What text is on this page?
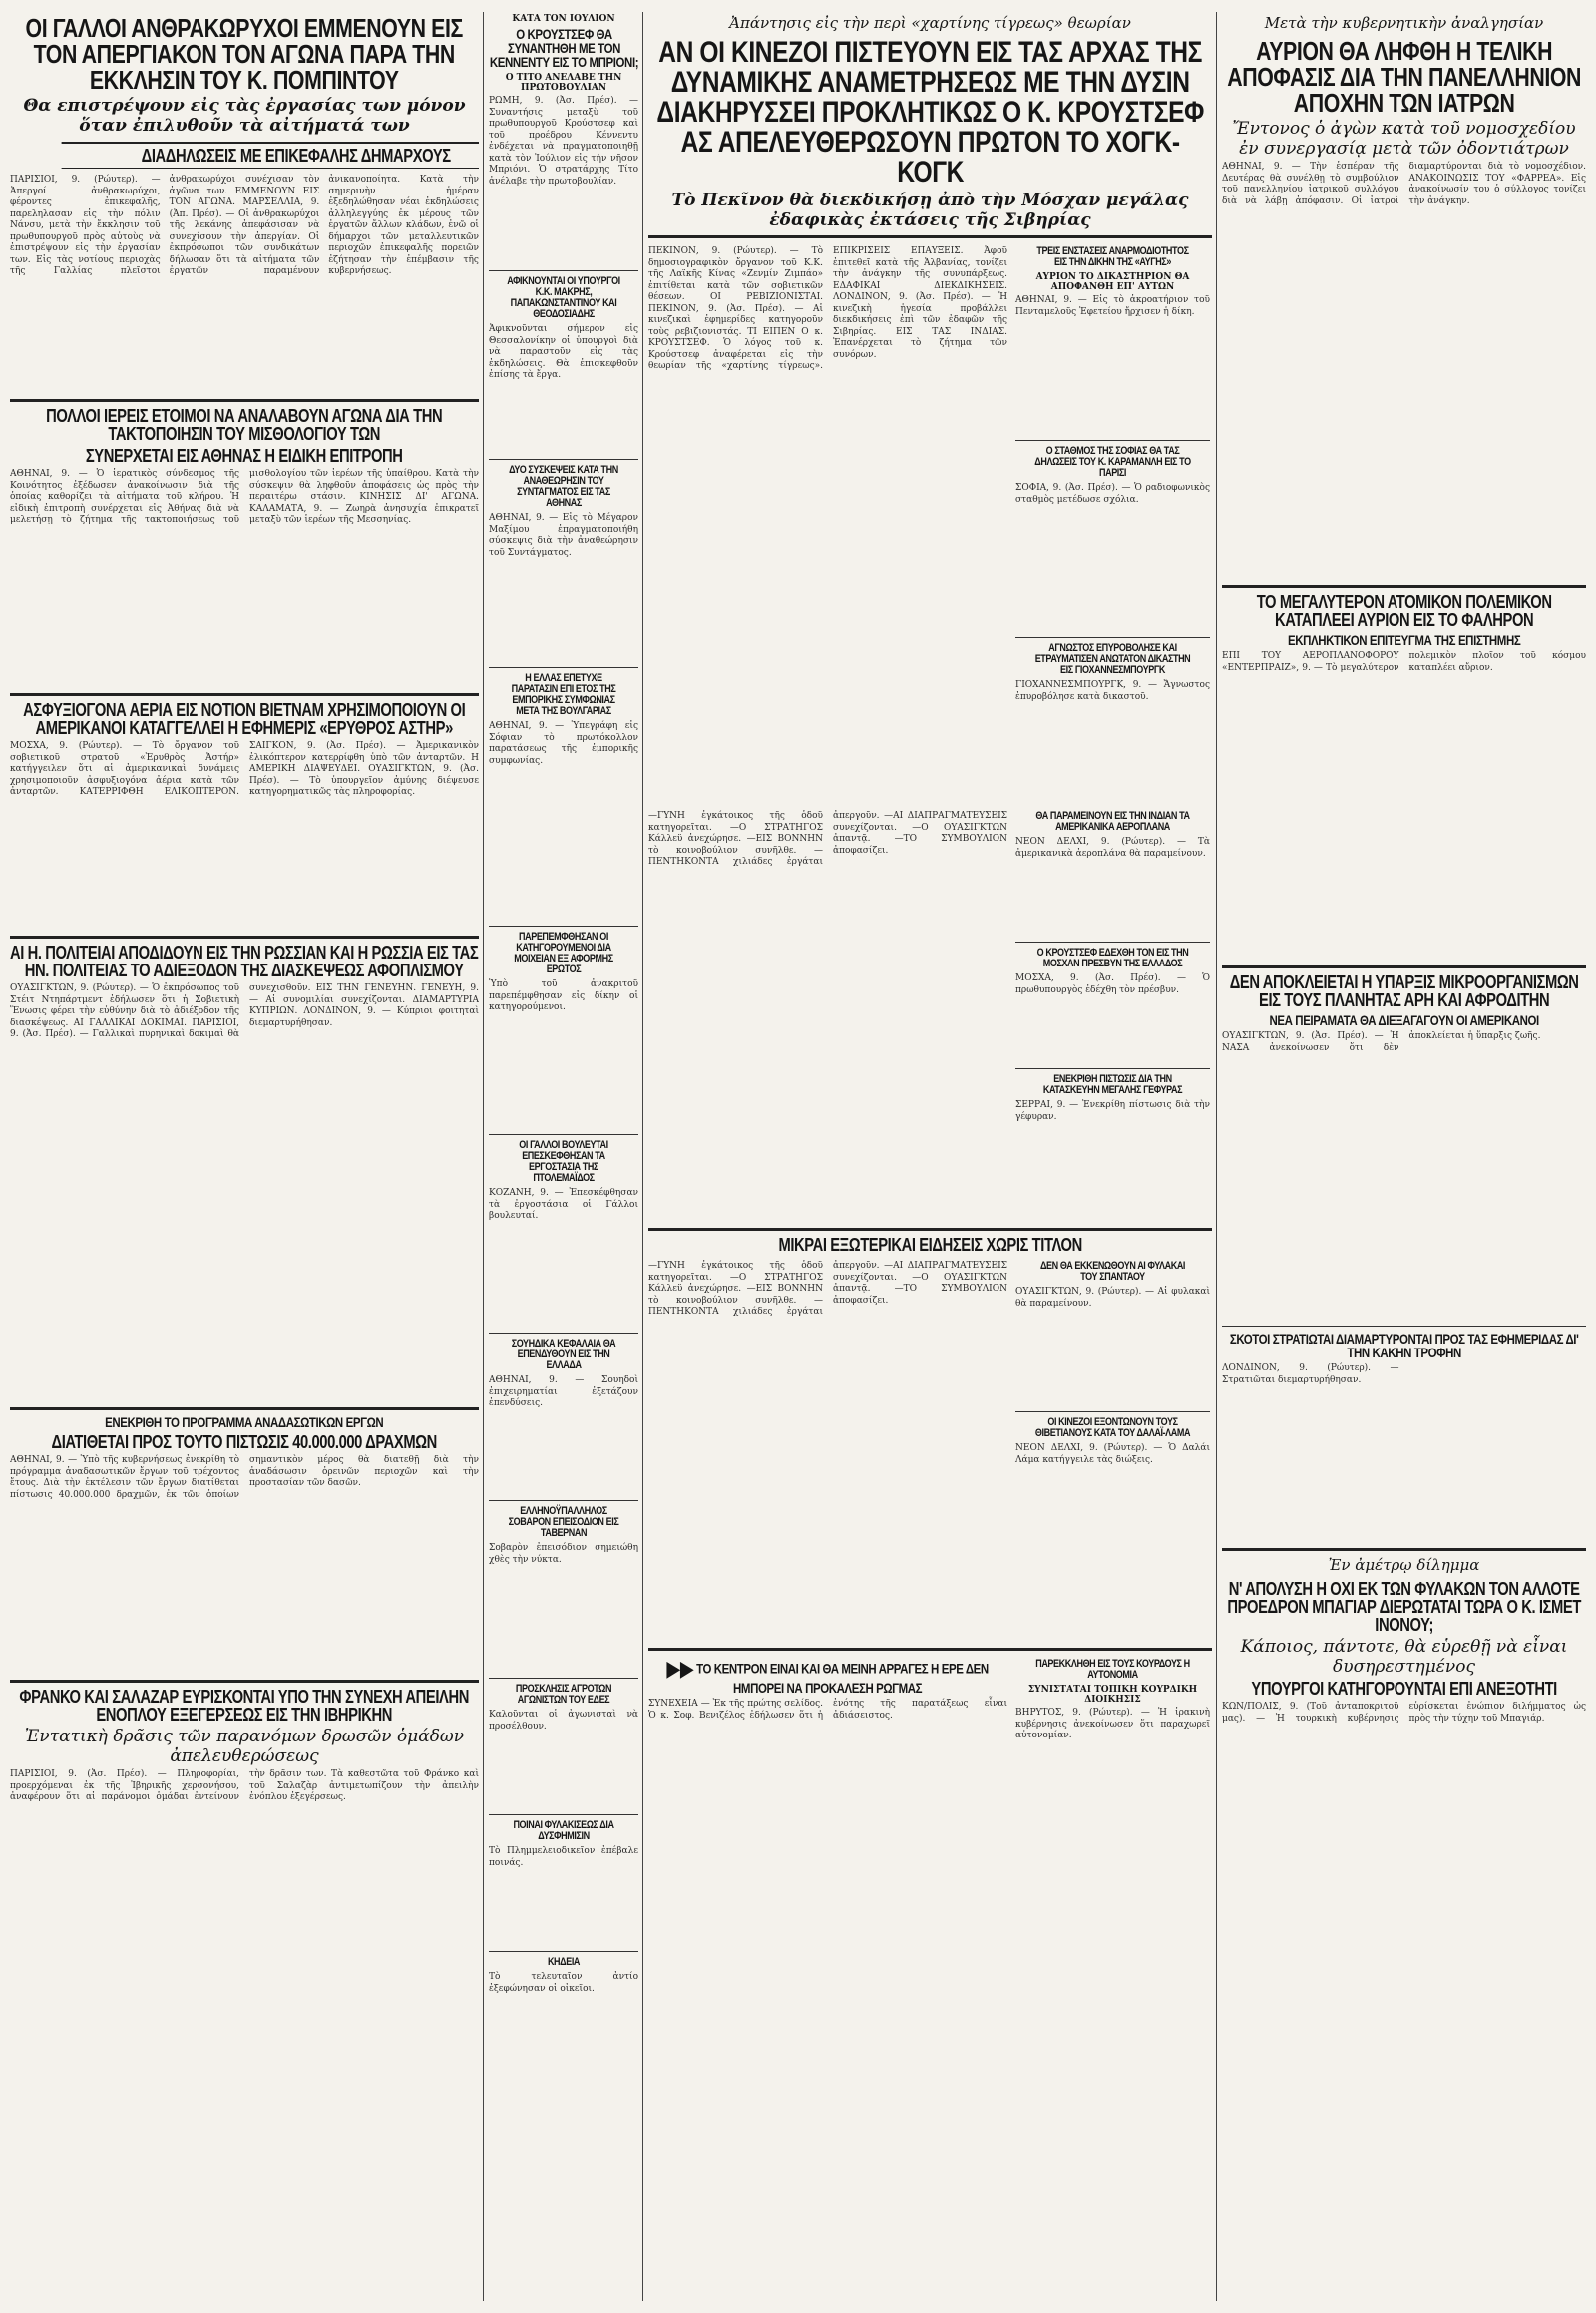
ΟΙ ΓΑΛΛΟΙ ΑΝΘΡΑΚΩΡΥΧΟΙ ΕΜΜΕΝΟΥΝ ΕΙΣ ΤΟΝ ΑΠΕΡΓΙΑΚΟΝ ΤΟΝ ΑΓΩΝΑ ΠΑΡΑ ΤΗΝ ΕΚΚΛΗΣΙΝ ΤΟΥ Κ. ΠΟΜΠΙΝΤΟΥ
Θα επιστρέψουν εἰς τὰς ἐργασίας των μόνον ὅταν ἐπιλυθοῦν τὰ αἰτήματά των
ΔΙΑΔΗΛΩΣΕΙΣ ΜΕ ΕΠΙΚΕΦΑΛΗΣ ΔΗΜΑΡΧΟΥΣ
ΠΑΡΙΣΙΟΙ, 9. (Ρώυτερ). — Ἀπεργοί ἀνθρακωρύχοι, φέροντες ἐπικεφαλῆς, παρεληλασαν εἰς τὴν πόλιν Νάνσυ, μετὰ τὴν ἔκκλησιν τοῦ πρωθυπουργοῦ πρὸς αὐτοὺς νὰ ἐπιστρέψουν εἰς τὴν ἐργασίαν των. Εἰς τὰς νοτίους περιοχὰς τῆς Γαλλίας πλεῖστοι ἀνθρακωρύχοι συνέχισαν τὸν ἀγῶνα των. ΕΜΜΕΝΟΥΝ ΕΙΣ ΤΟΝ ΑΓΩΝΑ. ΜΑΡΣΕΛΛΙΑ, 9. (Ἀπ. Πρέσ). — Οἱ ἀνθρακωρύχοι τῆς λεκάνης ἀπεφάσισαν νὰ συνεχίσουν τὴν ἀπεργίαν. Οἱ ἐκπρόσωποι τῶν συνδικάτων δήλωσαν ὅτι τὰ αἰτήματα τῶν ἐργατῶν παραμένουν ἀνικανοποίητα. Κατὰ τὴν σημερινὴν ἡμέραν ἐξεδηλώθησαν νέαι ἐκδηλώσεις ἀλληλεγγύης ἐκ μέρους τῶν ἐργατῶν ἄλλων κλάδων, ἐνῶ οἱ δήμαρχοι τῶν μεταλλευτικῶν περιοχῶν ἐπικεφαλῆς πορειῶν ἐζήτησαν τὴν ἐπέμβασιν τῆς κυβερνήσεως.
ΠΟΛΛΟΙ ΙΕΡΕΙΣ ΕΤΟΙΜΟΙ ΝΑ ΑΝΑΛΑΒΟΥΝ ΑΓΩΝΑ ΔΙΑ ΤΗΝ ΤΑΚΤΟΠΟΙΗΣΙΝ ΤΟΥ ΜΙΣΘΟΛΟΓΙΟΥ ΤΩΝ
ΣΥΝΕΡΧΕΤΑΙ ΕΙΣ ΑΘΗΝΑΣ Η ΕΙΔΙΚΗ ΕΠΙΤΡΟΠΗ
ΑΘΗΝΑΙ, 9. — Ὁ ἱερατικὸς σύνδεσμος τῆς Κοινότητος ἐξέδωσεν ἀνακοίνωσιν διὰ τῆς ὁποίας καθορίζει τὰ αἰτήματα τοῦ κλήρου. Ἡ εἰδικὴ ἐπιτροπὴ συνέρχεται εἰς Ἀθήνας διὰ νὰ μελετήσῃ τὸ ζήτημα τῆς τακτοποιήσεως τοῦ μισθολογίου τῶν ἱερέων τῆς ὑπαίθρου. Κατὰ τὴν σύσκεψιν θὰ ληφθοῦν ἀποφάσεις ὡς πρὸς τὴν περαιτέρω στάσιν. ΚΙΝΗΣΙΣ ΔΙ' ΑΓΩΝΑ. ΚΑΛΑΜΑΤΑ, 9. — Ζωηρὰ ἀνησυχία ἐπικρατεῖ μεταξὺ τῶν ἱερέων τῆς Μεσσηνίας.
ΑΣΦΥΞΙΟΓΟΝΑ ΑΕΡΙΑ ΕΙΣ ΝΟΤΙΟΝ ΒΙΕΤΝΑΜ ΧΡΗΣΙΜΟΠΟΙΟΥΝ ΟΙ ΑΜΕΡΙΚΑΝΟΙ ΚΑΤΑΓΓΕΛΛΕΙ Η ΕΦΗΜΕΡΙΣ «ΕΡΥΘΡΟΣ ΑΣΤΗΡ»
ΜΟΣΧΑ, 9. (Ρώυτερ). — Τὸ ὄργανον τοῦ σοβιετικοῦ στρατοῦ «Ἐρυθρὸς Ἀστήρ» κατήγγειλεν ὅτι αἱ ἀμερικανικαὶ δυνάμεις χρησιμοποιοῦν ἀσφυξιογόνα ἀέρια κατὰ τῶν ἀνταρτῶν. ΚΑΤΕΡΡΙΦΘΗ ΕΛΙΚΟΠΤΕΡΟΝ. ΣΑΙΓΚΟΝ, 9. (Ἀσ. Πρέσ). — Ἀμερικανικὸν ἑλικόπτερον κατερρίφθη ὑπὸ τῶν ἀνταρτῶν. Η ΑΜΕΡΙΚΗ ΔΙΑΨΕΥΔΕΙ. ΟΥΑΣΙΓΚΤΩΝ, 9. (Ἀσ. Πρέσ). — Τὸ ὑπουργεῖον ἀμύνης διέψευσε κατηγορηματικῶς τὰς πληροφορίας.
ΑΙ Η. ΠΟΛΙΤΕΙΑΙ ΑΠΟΔΙΔΟΥΝ ΕΙΣ ΤΗΝ ΡΩΣΣΙΑΝ ΚΑΙ Η ΡΩΣΣΙΑ ΕΙΣ ΤΑΣ ΗΝ. ΠΟΛΙΤΕΙΑΣ ΤΟ ΑΔΙΕΞΟΔΟΝ ΤΗΣ ΔΙΑΣΚΕΨΕΩΣ ΑΦΟΠΛΙΣΜΟΥ
ΟΥΑΣΙΓΚΤΩΝ, 9. (Ρώυτερ). — Ὁ ἐκπρόσωπος τοῦ Στέιτ Ντηπάρτμεντ ἐδήλωσεν ὅτι ἡ Σοβιετικὴ Ἕνωσις φέρει τὴν εὐθύνην διὰ τὸ ἀδιέξοδον τῆς διασκέψεως. ΑΙ ΓΑΛΛΙΚΑΙ ΔΟΚΙΜΑΙ. ΠΑΡΙΣΙΟΙ, 9. (Ἀσ. Πρέσ). — Γαλλικαὶ πυρηνικαὶ δοκιμαὶ θὰ συνεχισθοῦν. ΕΙΣ ΤΗΝ ΓΕΝΕΥΗΝ. ΓΕΝΕΥΗ, 9. — Αἱ συνομιλίαι συνεχίζονται. ΔΙΑΜΑΡΤΥΡΙΑ ΚΥΠΡΙΩΝ. ΛΟΝΔΙΝΟΝ, 9. — Κύπριοι φοιτηταὶ διεμαρτυρήθησαν.
ΕΝΕΚΡΙΘΗ ΤΟ ΠΡΟΓΡΑΜΜΑ ΑΝΑΔΑΣΩΤΙΚΩΝ ΕΡΓΩΝ
ΔΙΑΤΙΘΕΤΑΙ ΠΡΟΣ ΤΟΥΤΟ ΠΙΣΤΩΣΙΣ 40.000.000 ΔΡΑΧΜΩΝ
ΑΘΗΝΑΙ, 9. — Ὑπὸ τῆς κυβερνήσεως ἐνεκρίθη τὸ πρόγραμμα ἀναδασωτικῶν ἔργων τοῦ τρέχοντος ἔτους. Διὰ τὴν ἐκτέλεσιν τῶν ἔργων διατίθεται πίστωσις 40.000.000 δραχμῶν, ἐκ τῶν ὁποίων σημαντικὸν μέρος θὰ διατεθῇ διὰ τὴν ἀναδάσωσιν ὀρεινῶν περιοχῶν καὶ τὴν προστασίαν τῶν δασῶν.
ΦΡΑΝΚΟ ΚΑΙ ΣΑΛΑΖΑΡ ΕΥΡΙΣΚΟΝΤΑΙ ΥΠΟ ΤΗΝ ΣΥΝΕΧΗ ΑΠΕΙΛΗΝ ΕΝΟΠΛΟΥ ΕΞΕΓΕΡΣΕΩΣ ΕΙΣ ΤΗΝ ΙΒΗΡΙΚΗΝ
Ἐντατικὴ δρᾶσις τῶν παρανόμων δρωσῶν ὁμάδων ἀπελευθερώσεως
ΠΑΡΙΣΙΟΙ, 9. (Ἀσ. Πρέσ). — Πληροφορίαι, προερχόμεναι ἐκ τῆς Ἰβηρικῆς χερσονήσου, ἀναφέρουν ὅτι αἱ παράνομοι ὁμάδαι ἐντείνουν τὴν δρᾶσιν των. Τὰ καθεστῶτα τοῦ Φράνκο καὶ τοῦ Σαλαζὰρ ἀντιμετωπίζουν τὴν ἀπειλὴν ἐνόπλου ἐξεγέρσεως.
ΚΑΤΑ ΤΟΝ ΙΟΥΛΙΟΝ
Ο ΚΡΟΥΣΤΣΕΦ ΘΑ ΣΥΝΑΝΤΗΘΗ ΜΕ ΤΟΝ ΚΕΝΝΕΝΤΥ ΕΙΣ ΤΟ ΜΠΡΙΟΝΙ;
Ο ΤΙΤΟ ΑΝΕΛΑΒΕ ΤΗΝ ΠΡΩΤΟΒΟΥΛΙΑΝ
ΡΩΜΗ, 9. (Ἀσ. Πρέσ). — Συναντήσις μεταξὺ τοῦ πρωθυπουργοῦ Κρούστσεφ καὶ τοῦ προέδρου Κέννεντυ ἐνδέχεται νὰ πραγματοποιηθῇ κατὰ τὸν Ἰούλιον εἰς τὴν νῆσον Μπριόνι. Ὁ στρατάρχης Τίτο ἀνέλαβε τὴν πρωτοβουλίαν.
ΑΦΙΚΝΟΥΝΤΑΙ ΟΙ ΥΠΟΥΡΓΟΙ Κ.Κ. ΜΑΚΡΗΣ, ΠΑΠΑΚΩΝΣΤΑΝΤΙΝΟΥ ΚΑΙ ΘΕΟΔΟΣΙΑΔΗΣ
Ἀφικνοῦνται σήμερον εἰς Θεσσαλονίκην οἱ ὑπουργοὶ διὰ νὰ παραστοῦν εἰς τὰς ἐκδηλώσεις. Θὰ ἐπισκεφθοῦν ἐπίσης τὰ ἔργα.
ΔΥΟ ΣΥΣΚΕΨΕΙΣ ΚΑΤΑ ΤΗΝ ΑΝΑΘΕΩΡΗΣΙΝ ΤΟΥ ΣΥΝΤΑΓΜΑΤΟΣ ΕΙΣ ΤΑΣ ΑΘΗΝΑΣ
ΑΘΗΝΑΙ, 9. — Εἰς τὸ Μέγαρον Μαξίμου ἐπραγματοποιήθη σύσκεψις διὰ τὴν ἀναθεώρησιν τοῦ Συντάγματος.
Η ΕΛΛΑΣ ΕΠΕΤΥΧΕ ΠΑΡΑΤΑΣΙΝ ΕΠΙ ΕΤΟΣ ΤΗΣ ΕΜΠΟΡΙΚΗΣ ΣΥΜΦΩΝΙΑΣ ΜΕΤΑ ΤΗΣ ΒΟΥΛΓΑΡΙΑΣ
ΑΘΗΝΑΙ, 9. — Ὑπεγράφη εἰς Σόφιαν τὸ πρωτόκολλον παρατάσεως τῆς ἐμπορικῆς συμφωνίας.
ΠΑΡΕΠΕΜΦΘΗΣΑΝ ΟΙ ΚΑΤΗΓΟΡΟΥΜΕΝΟΙ ΔΙΑ ΜΟΙΧΕΙΑΝ ΕΞ ΑΦΟΡΜΗΣ ΕΡΩΤΟΣ
Ὑπὸ τοῦ ἀνακριτοῦ παρεπέμφθησαν εἰς δίκην οἱ κατηγορούμενοι.
ΟΙ ΓΑΛΛΟΙ ΒΟΥΛΕΥΤΑΙ ΕΠΕΣΚΕΦΘΗΣΑΝ ΤΑ ΕΡΓΟΣΤΑΣΙΑ ΤΗΣ ΠΤΟΛΕΜΑΪΔΟΣ
ΚΟΖΑΝΗ, 9. — Ἐπεσκέφθησαν τὰ ἐργοστάσια οἱ Γάλλοι βουλευταί.
ΣΟΥΗΔΙΚΑ ΚΕΦΑΛΑΙΑ ΘΑ ΕΠΕΝΔΥΘΟΥΝ ΕΙΣ ΤΗΝ ΕΛΛΑΔΑ
ΑΘΗΝΑΙ, 9. — Σουηδοὶ ἐπιχειρηματίαι ἐξετάζουν ἐπενδύσεις.
ΕΛΛΗΝΟΫΠΑΛΛΗΛΟΣ ΣΟΒΑΡΟΝ ΕΠΕΙΣΟΔΙΟΝ ΕΙΣ ΤΑΒΕΡΝΑΝ
Σοβαρὸν ἐπεισόδιον σημειώθη χθὲς τὴν νύκτα.
ΠΡΟΣΚΛΗΣΙΣ ΑΓΡΟΤΩΝ ΑΓΩΝΙΣΤΩΝ ΤΟΥ ΕΔΕΣ
Καλοῦνται οἱ ἀγωνισταὶ νὰ προσέλθουν.
ΠΟΙΝΑΙ ΦΥΛΑΚΙΣΕΩΣ ΔΙΑ ΔΥΣΦΗΜΙΣΙΝ
Τὸ Πλημμελειοδικεῖον ἐπέβαλε ποινάς.
ΚΗΔΕΙΑ
Τὸ τελευταῖον ἀντίο ἐξεφώνησαν οἱ οἰκεῖοι.
Ἀπάντησις εἰς τὴν περὶ «χαρτίνης τίγρεως» θεωρίαν
ΑΝ ΟΙ ΚΙΝΕΖΟΙ ΠΙΣΤΕΥΟΥΝ ΕΙΣ ΤΑΣ ΑΡΧΑΣ ΤΗΣ ΔΥΝΑΜΙΚΗΣ ΑΝΑΜΕΤΡΗΣΕΩΣ ΜΕ ΤΗΝ ΔΥΣΙΝ ΔΙΑΚΗΡΥΣΣΕΙ ΠΡΟΚΛΗΤΙΚΩΣ Ο Κ. ΚΡΟΥΣΤΣΕΦ ΑΣ ΑΠΕΛΕΥΘΕΡΩΣΟΥΝ ΠΡΩΤΟΝ ΤΟ ΧΟΓΚ-ΚΟΓΚ
Τὸ Πεκῖνον θὰ διεκδικήσῃ ἀπὸ τὴν Μόσχαν μεγάλας ἐδαφικὰς ἐκτάσεις τῆς Σιβηρίας
ΠΕΚΙΝΟΝ, 9. (Ρώυτερ). — Τὸ δημοσιογραφικὸν ὄργανον τοῦ Κ.Κ. τῆς Λαϊκῆς Κίνας «Ζενμίν Ζιμπάο» ἐπιτίθεται κατὰ τῶν σοβιετικῶν θέσεων. ΟΙ ΡΕΒΙΖΙΟΝΙΣΤΑΙ. ΠΕΚΙΝΟΝ, 9. (Ἀσ. Πρέσ). — Αἱ κινεζικαὶ ἐφημερίδες κατηγοροῦν τοὺς ρεβιζιονιστάς. ΤΙ ΕΙΠΕΝ Ο κ. ΚΡΟΥΣΤΣΕΦ. Ὁ λόγος τοῦ κ. Κρούστσεφ ἀναφέρεται εἰς τὴν θεωρίαν τῆς «χαρτίνης τίγρεως». ΕΠΙΚΡΙΣΕΙΣ ΕΠΑΥΞΕΙΣ. Ἀφοῦ ἐπιτεθεῖ κατὰ τῆς Ἀλβανίας, τονίζει τὴν ἀνάγκην τῆς συνυπάρξεως. ΕΔΑΦΙΚΑΙ ΔΙΕΚΔΙΚΗΣΕΙΣ. ΛΟΝΔΙΝΟΝ, 9. (Ἀσ. Πρέσ). — Ἡ κινεζικὴ ἡγεσία προβάλλει διεκδικήσεις ἐπὶ τῶν ἐδαφῶν τῆς Σιβηρίας. ΕΙΣ ΤΑΣ ΙΝΔΙΑΣ. Ἐπανέρχεται τὸ ζήτημα τῶν συνόρων.
ΤΡΕΙΣ ΕΝΣΤΑΣΕΙΣ ΑΝΑΡΜΟΔΙΟΤΗΤΟΣ ΕΙΣ ΤΗΝ ΔΙΚΗΝ ΤΗΣ «ΑΥΓΗΣ»
ΑΥΡΙΟΝ ΤΟ ΔΙΚΑΣΤΗΡΙΟΝ ΘΑ ΑΠΟΦΑΝΘΗ ΕΠ' ΑΥΤΩΝ
ΑΘΗΝΑΙ, 9. — Εἰς τὸ ἀκροατήριον τοῦ Πενταμελοῦς Ἐφετείου ἤρχισεν ἡ δίκη.
Ο ΣΤΑΘΜΟΣ ΤΗΣ ΣΟΦΙΑΣ ΘΑ ΤΑΣ ΔΗΛΩΣΕΙΣ ΤΟΥ Κ. ΚΑΡΑΜΑΝΛΗ ΕΙΣ ΤΟ ΠΑΡΙΣΙ
ΣΟΦΙΑ, 9. (Ἀσ. Πρέσ). — Ὁ ραδιοφωνικὸς σταθμὸς μετέδωσε σχόλια.
ΑΓΝΩΣΤΟΣ ΕΠΥΡΟΒΟΛΗΣΕ ΚΑΙ ΕΤΡΑΥΜΑΤΙΣΕΝ ΑΝΩΤΑΤΟΝ ΔΙΚΑΣΤΗΝ ΕΙΣ ΓΙΟΧΑΝΝΕΣΜΠΟΥΡΓΚ
ΓΙΟΧΑΝΝΕΣΜΠΟΥΡΓΚ, 9. — Ἄγνωστος ἐπυροβόλησε κατὰ δικαστοῦ.
—ΓΥΝΗ ἐγκάτοικος τῆς ὁδοῦ κατηγορεῖται. —Ο ΣΤΡΑΤΗΓΟΣ Κάλλεϋ ἀνεχώρησε. —ΕΙΣ ΒΟΝΝΗΝ τὸ κοινοβούλιον συνῆλθε. —ΠΕΝΤΗΚΟΝΤΑ χιλιάδες ἐργάται ἀπεργοῦν. —ΑΙ ΔΙΑΠΡΑΓΜΑΤΕΥΣΕΙΣ συνεχίζονται. —Ο ΟΥΑΣΙΓΚΤΩΝ ἀπαντᾷ. —ΤΟ ΣΥΜΒΟΥΛΙΟΝ ἀποφασίζει.
ΘΑ ΠΑΡΑΜΕΙΝΟΥΝ ΕΙΣ ΤΗΝ ΙΝΔΙΑΝ ΤΑ ΑΜΕΡΙΚΑΝΙΚΑ ΑΕΡΟΠΛΑΝΑ
ΝΕΟΝ ΔΕΛΧΙ, 9. (Ρώυτερ). — Τὰ ἀμερικανικὰ ἀεροπλάνα θὰ παραμείνουν.
Ο ΚΡΟΥΣΤΣΕΦ ΕΔΕΧΘΗ ΤΟΝ ΕΙΣ ΤΗΝ ΜΟΣΧΑΝ ΠΡΕΣΒΥΝ ΤΗΣ ΕΛΛΑΔΟΣ
ΜΟΣΧΑ, 9. (Ἀσ. Πρέσ). — Ὁ πρωθυπουργὸς ἐδέχθη τὸν πρέσβυν.
ΕΝΕΚΡΙΘΗ ΠΙΣΤΩΣΙΣ ΔΙΑ ΤΗΝ ΚΑΤΑΣΚΕΥΗΝ ΜΕΓΑΛΗΣ ΓΕΦΥΡΑΣ
ΣΕΡΡΑΙ, 9. — Ἐνεκρίθη πίστωσις διὰ τὴν γέφυραν.
ΜΙΚΡΑΙ ΕΞΩΤΕΡΙΚΑΙ ΕΙΔΗΣΕΙΣ ΧΩΡΙΣ ΤΙΤΛΟΝ
—ΓΥΝΗ ἐγκάτοικος τῆς ὁδοῦ κατηγορεῖται. —Ο ΣΤΡΑΤΗΓΟΣ Κάλλεϋ ἀνεχώρησε. —ΕΙΣ ΒΟΝΝΗΝ τὸ κοινοβούλιον συνῆλθε. —ΠΕΝΤΗΚΟΝΤΑ χιλιάδες ἐργάται ἀπεργοῦν. —ΑΙ ΔΙΑΠΡΑΓΜΑΤΕΥΣΕΙΣ συνεχίζονται. —Ο ΟΥΑΣΙΓΚΤΩΝ ἀπαντᾷ. —ΤΟ ΣΥΜΒΟΥΛΙΟΝ ἀποφασίζει.
ΔΕΝ ΘΑ ΕΚΚΕΝΩΘΟΥΝ ΑΙ ΦΥΛΑΚΑΙ ΤΟΥ ΣΠΑΝΤΑΟΥ
ΟΥΑΣΙΓΚΤΩΝ, 9. (Ρώυτερ). — Αἱ φυλακαὶ θὰ παραμείνουν.
ΟΙ ΚΙΝΕΖΟΙ ΕΞΟΝΤΩΝΟΥΝ ΤΟΥΣ ΘΙΒΕΤΙΑΝΟΥΣ ΚΑΤΑ ΤΟΥ ΔΑΛΑΪ-ΛΑΜΑ
ΝΕΟΝ ΔΕΛΧΙ, 9. (Ρώυτερ). — Ὁ Δαλάι Λάμα κατήγγειλε τὰς διώξεις.
▶▶ ΤΟ ΚΕΝΤΡΟΝ ΕΙΝΑΙ ΚΑΙ ΘΑ ΜΕΙΝΗ ΑΡΡΑΓΕΣ Η ΕΡΕ ΔΕΝ ΗΜΠΟΡΕΙ ΝΑ ΠΡΟΚΑΛΕΣΗ ΡΩΓΜΑΣ
ΣΥΝΕΧΕΙΑ — Ἐκ τῆς πρώτης σελίδος. Ὁ κ. Σοφ. Βενιζέλος ἐδήλωσεν ὅτι ἡ ἑνότης τῆς παρατάξεως εἶναι ἀδιάσειστος.
ΠΑΡΕΚΚΛΗΘΗ ΕΙΣ ΤΟΥΣ ΚΟΥΡΔΟΥΣ Η ΑΥΤΟΝΟΜΙΑ
ΣΥΝΙΣΤΑΤΑΙ ΤΟΠΙΚΗ ΚΟΥΡΔΙΚΗ ΔΙΟΙΚΗΣΙΣ
ΒΗΡΥΤΟΣ, 9. (Ρώυτερ). — Ἡ ἰρακινὴ κυβέρνησις ἀνεκοίνωσεν ὅτι παραχωρεῖ αὐτονομίαν.
Μετὰ τὴν κυβερνητικὴν ἀναλγησίαν
ΑΥΡΙΟΝ ΘΑ ΛΗΦΘΗ Η ΤΕΛΙΚΗ ΑΠΟΦΑΣΙΣ ΔΙΑ ΤΗΝ ΠΑΝΕΛΛΗΝΙΟΝ ΑΠΟΧΗΝ ΤΩΝ ΙΑΤΡΩΝ
Ἔντονος ὁ ἀγὼν κατὰ τοῦ νομοσχεδίου ἐν συνεργασίᾳ μετὰ τῶν ὀδοντιάτρων
ΑΘΗΝΑΙ, 9. — Τὴν ἑσπέραν τῆς Δευτέρας θὰ συνέλθῃ τὸ συμβούλιον τοῦ πανελληνίου ἰατρικοῦ συλλόγου διὰ νὰ λάβῃ ἀπόφασιν. Οἱ ἰατροὶ διαμαρτύρονται διὰ τὸ νομοσχέδιον. ΑΝΑΚΟΙΝΩΣΙΣ ΤΟΥ «ΦΑΡΡΕΑ». Εἰς ἀνακοίνωσίν του ὁ σύλλογος τονίζει τὴν ἀνάγκην.
ΤΟ ΜΕΓΑΛΥΤΕΡΟΝ ΑΤΟΜΙΚΟΝ ΠΟΛΕΜΙΚΟΝ ΚΑΤΑΠΛΕΕΙ ΑΥΡΙΟΝ ΕΙΣ ΤΟ ΦΑΛΗΡΟΝ
ΕΚΠΛΗΚΤΙΚΟΝ ΕΠΙΤΕΥΓΜΑ ΤΗΣ ΕΠΙΣΤΗΜΗΣ
ΕΠΙ ΤΟΥ ΑΕΡΟΠΛΑΝΟΦΟΡΟΥ «ΕΝΤΕΡΠΡΑΙΖ», 9. — Τὸ μεγαλύτερον πολεμικὸν πλοῖον τοῦ κόσμου καταπλέει αὔριον.
ΔΕΝ ΑΠΟΚΛΕΙΕΤΑΙ Η ΥΠΑΡΞΙΣ ΜΙΚΡΟΟΡΓΑΝΙΣΜΩΝ ΕΙΣ ΤΟΥΣ ΠΛΑΝΗΤΑΣ ΑΡΗ ΚΑΙ ΑΦΡΟΔΙΤΗΝ
ΝΕΑ ΠΕΙΡΑΜΑΤΑ ΘΑ ΔΙΕΞΑΓΑΓΟΥΝ ΟΙ ΑΜΕΡΙΚΑΝΟΙ
ΟΥΑΣΙΓΚΤΩΝ, 9. (Ἀσ. Πρέσ). — Ἡ ΝΑΣΑ ἀνεκοίνωσεν ὅτι δὲν ἀποκλείεται ἡ ὕπαρξις ζωῆς.
ΣΚΟΤΟΙ ΣΤΡΑΤΙΩΤΑΙ ΔΙΑΜΑΡΤΥΡΟΝΤΑΙ ΠΡΟΣ ΤΑΣ ΕΦΗΜΕΡΙΔΑΣ ΔΙ' ΤΗΝ ΚΑΚΗΝ ΤΡΟΦΗΝ
ΛΟΝΔΙΝΟΝ, 9. (Ρώυτερ). — Στρατιῶται διεμαρτυρήθησαν.
Ἐν ἀμέτρῳ δίλημμα
Ν' ΑΠΟΛΥΣΗ Η ΟΧΙ ΕΚ ΤΩΝ ΦΥΛΑΚΩΝ ΤΟΝ ΑΛΛΟΤΕ ΠΡΟΕΔΡΟΝ ΜΠΑΓΙΑΡ ΔΙΕΡΩΤΑΤΑΙ ΤΩΡΑ Ο Κ. ΙΣΜΕΤ ΙΝΟΝΟΥ;
Κάποιος, πάντοτε, θὰ εὑρεθῇ νὰ εἶναι δυσηρεστημένος
ΥΠΟΥΡΓΟΙ ΚΑΤΗΓΟΡΟΥΝΤΑΙ ΕΠΙ ΑΝΕΞΟΤΗΤΙ
ΚΩΝ/ΠΟΛΙΣ, 9. (Τοῦ ἀνταποκριτοῦ μας). — Ἡ τουρκικὴ κυβέρνησις εὑρίσκεται ἐνώπιον διλήμματος ὡς πρὸς τὴν τύχην τοῦ Μπαγιάρ.
